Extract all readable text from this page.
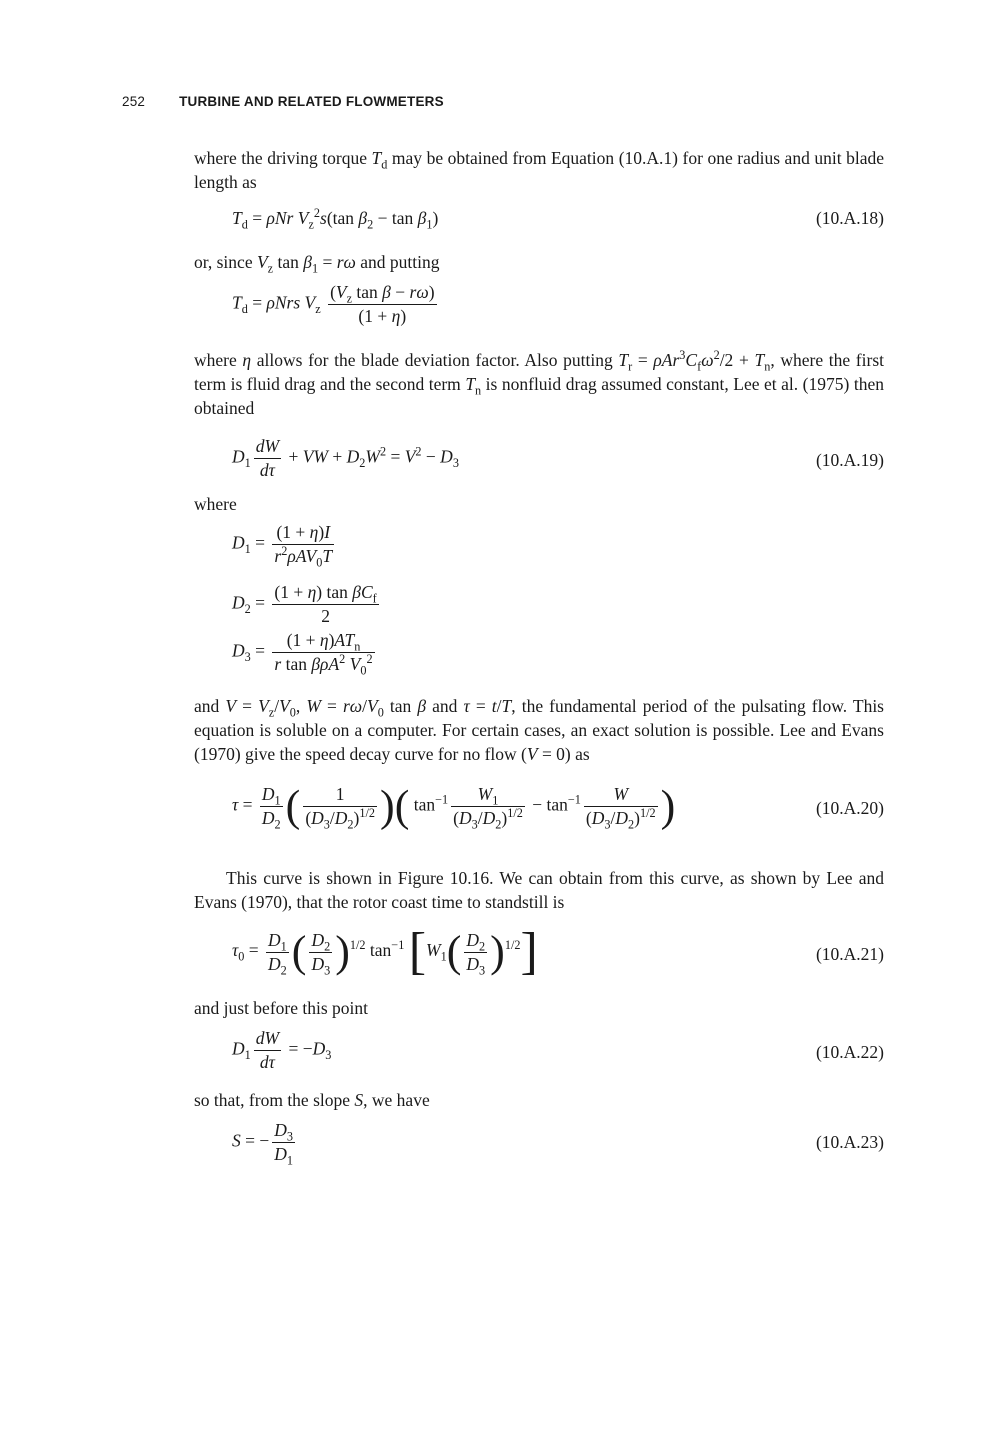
252	TURBINE AND RELATED FLOWMETERS
where the driving torque $T_d$ may be obtained from Equation (10.A.1) for one radius and unit blade length as
$T_d = \rho Nr$ $V_z^2s(\tan$ $\beta_2 - \tan \beta_1$)	(10.A.18)
or, since $V_z$ $\tan \beta_1 = r\omega$ and putting
$T_d = \rho Nrs$ $V_z \frac{(V_z \tan \beta - r\omega)}{(1 + \eta)}$
where η allows for the blade deviation factor. Also putting $T_r = \rho Ar^3C_f\omega^2/2 + T_n$, where the first term is fluid drag and the second term $T_n$ is nonfluid drag assumed constant, Lee et al. (1975) then obtained
$D_1 \frac{dW}{d\tau}$ + VW + $D_2W^2 = V^2 - D_3$	(10.A.19)
where
$D_1 = \frac{(1 + \eta)I}{r^2\rho AV_0T}$
$D_2 = \frac{(1 + \eta) \tan \beta C_f}{2}$
$D_3 = \frac{(1 + \eta)AT_n}{r \tan \beta\rho A^2 V_0^2}$
and $V = V_z/V_0$, $W = r\omega/V_0$ tan β and τ = t/T, the fundamental period of the pulsating flow. This equation is soluble on a computer. For certain cases, an exact solution is possible. Lee and Evans (1970) give the speed decay curve for no flow (V = 0) as
$\tau = \frac{D_1}{D_2}$ ( $\frac{1}{(D_3/D_2)^{1/2}}$ )( $\tan^{-1} \frac{W_1}{(D_3/D_2)^{1/2}} - \tan^{-1} \frac{W}{(D_3/D_2)^{1/2}}$ )	(10.A.20)
This curve is shown in Figure 10.16. We can obtain from this curve, as shown by Lee and Evans (1970), that the rotor coast time to standstill is
$\tau_0 = \frac{D_1}{D_2}$ ( $\frac{D_2}{D_3} )^{1/2}$ $\tan^{-1} [W_1( \frac{D_2}{D_3} )^{1/2}]$	(10.A.21)
and just before this point
$D_1 \frac{dW}{d\tau} = -D_3$	(10.A.22)
so that, from the slope S, we have
S = − $\frac{D_3}{D_1}$	(10.A.23)
